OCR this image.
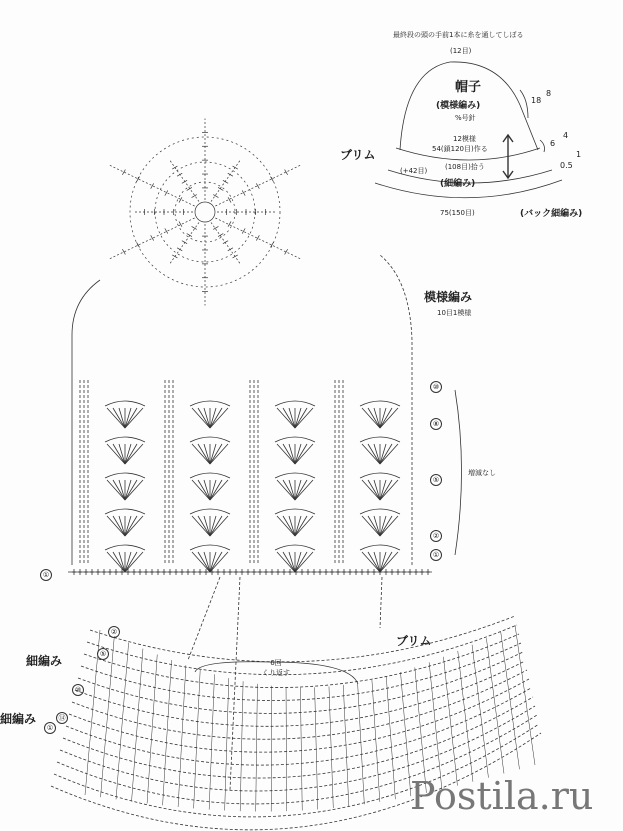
最終段の頭の手前1本に糸を通してしぼる
(12目)
帽子
(模様編み)
%号針
12模様
54(鎖120目)作る
(108目)拾う
(+42目)
(細編み)
75(150目)	(バック細編み)
ブリム
18
8
6
4
1
0.5
模様編み
10目1模様
増減なし
⑩
⑧
⑤
②
①
①
ブリム
6回
くり返す
細編み
細編み
②
⑤
⑩
⑭
①
Postila.ru
